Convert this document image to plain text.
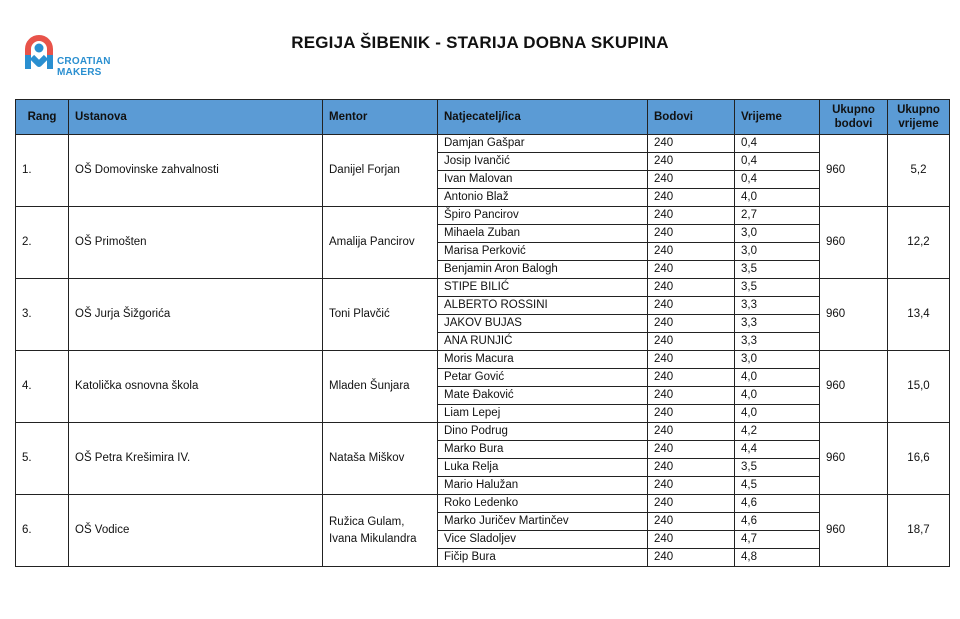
CROATIAN
MAKERS
REGIJA ŠIBENIK - STARIJA DOBNA SKUPINA
Rang	Ustanova	Mentor	Natjecatelj/ica	Bodovi	Vrijeme	Ukupno bodovi	Ukupno vrijeme
1.	OŠ Domovinske zahvalnosti	Danijel Forjan	Damjan Gašpar	240	0,4	960	5,2
			Josip Ivančić	240	0,4		
			Ivan Malovan	240	0,4		
			Antonio Blaž	240	4,0		
2.	OŠ Primošten	Amalija Pancirov	Špiro Pancirov	240	2,7	960	12,2
			Mihaela Zuban	240	3,0		
			Marisa Perković	240	3,0		
			Benjamin Aron Balogh	240	3,5		
3.	OŠ Jurja Šižgorića	Toni Plavčić	STIPE BILIĆ	240	3,5	960	13,4
			ALBERTO ROSSINI	240	3,3		
			JAKOV BUJAS	240	3,3		
			ANA RUNJIĆ	240	3,3		
4.	Katolička osnovna škola	Mladen Šunjara	Moris Macura	240	3,0	960	15,0
			Petar Gović	240	4,0		
			Mate Đaković	240	4,0		
			Liam Lepej	240	4,0		
5.	OŠ Petra Krešimira IV.	Nataša Miškov	Dino Podrug	240	4,2	960	16,6
			Marko Bura	240	4,4		
			Luka Relja	240	3,5		
			Mario Halužan	240	4,5		
6.	OŠ Vodice	Ružica Gulam,
Ivana Mikulandra	Roko Ledenko	240	4,6	960	18,7
			Marko Juričev Martinčev	240	4,6		
			Vice Sladoljev	240	4,7		
			Fičip Bura	240	4,8		
